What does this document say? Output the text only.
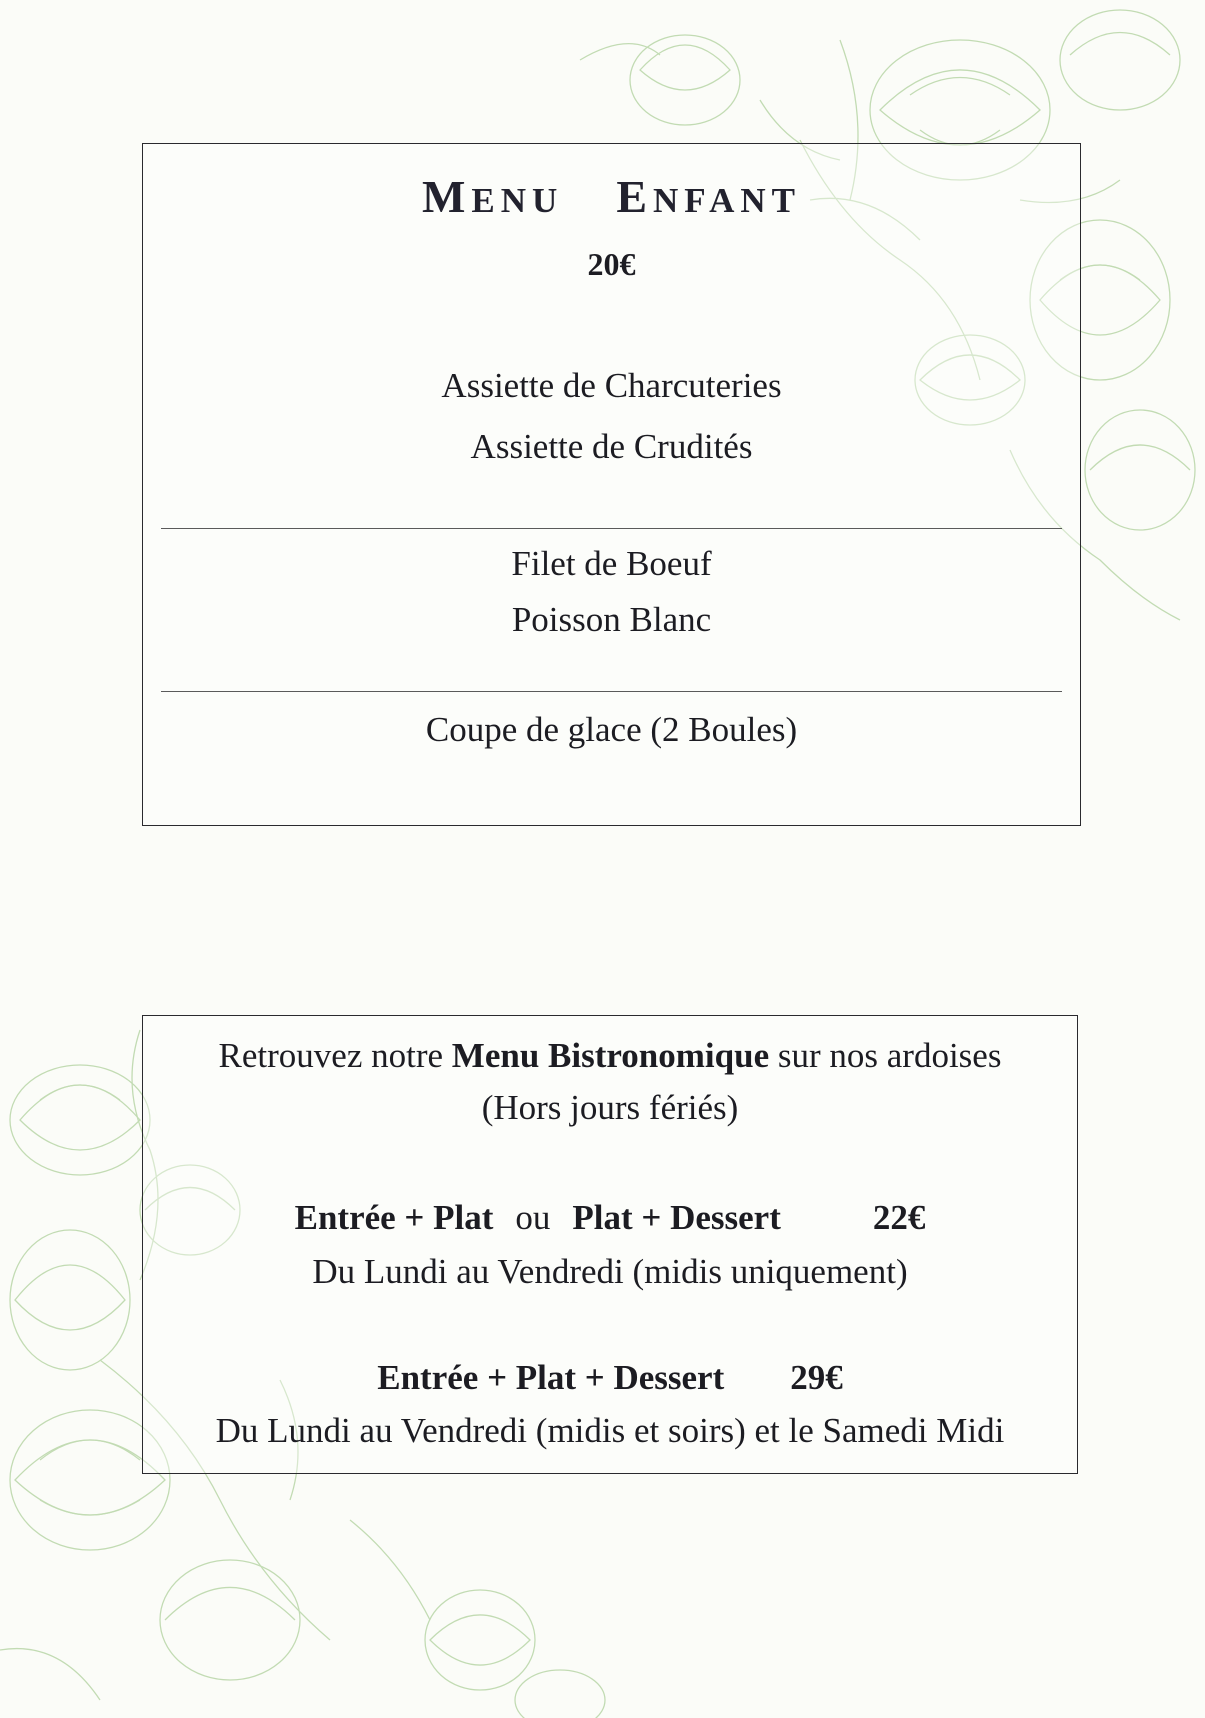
MENU ENFANT
20€
Assiette de Charcuteries
Assiette de Crudités
Filet de Boeuf
Poisson Blanc
Coupe de glace (2 Boules)
Retrouvez notre Menu Bistronomique sur nos ardoises
(Hors jours fériés)
Entrée + Plat ou Plat + Dessert	22€
Du Lundi au Vendredi (midis uniquement)
Entrée + Plat + Dessert 29€
Du Lundi au Vendredi (midis et soirs) et le Samedi Midi
